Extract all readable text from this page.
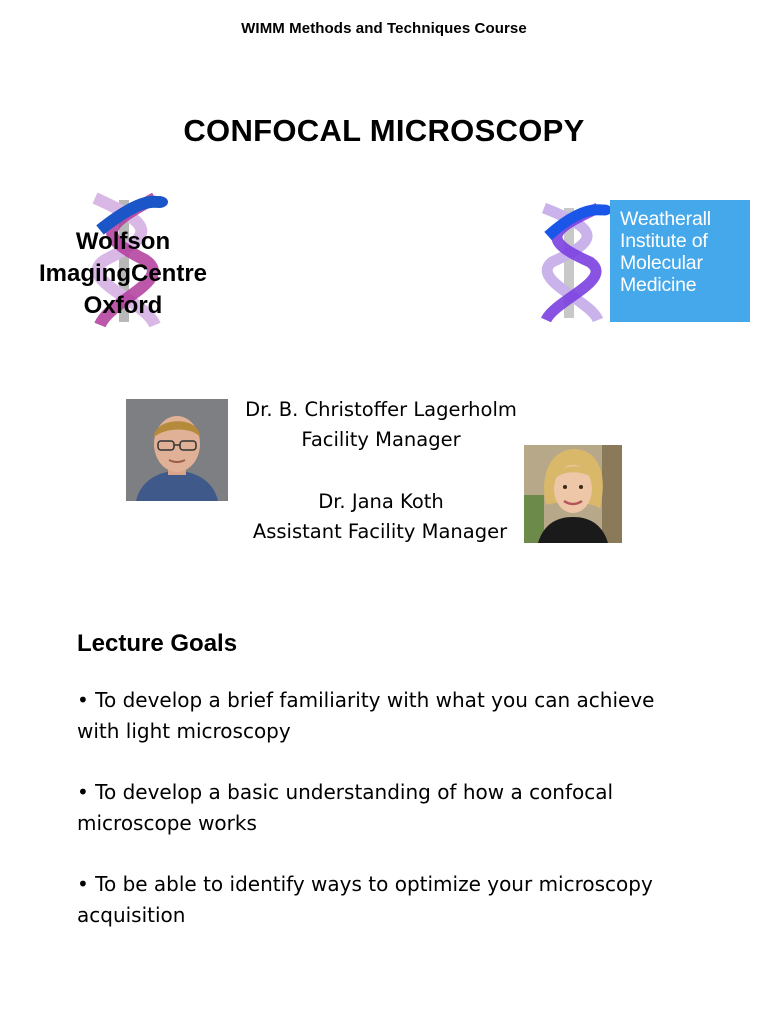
WIMM Methods and Techniques Course
CONFOCAL MICROSCOPY
Wolfson
ImagingCentre
Oxford
Weatherall
Institute of
Molecular
Medicine
Dr. B. Christoffer Lagerholm
Facility Manager
Dr. Jana Koth
Assistant Facility Manager
Lecture Goals
• To develop a brief familiarity with what you can achieve with light microscopy
• To develop a basic understanding of how a confocal microscope works
• To be able to identify ways to optimize your microscopy acquisition
